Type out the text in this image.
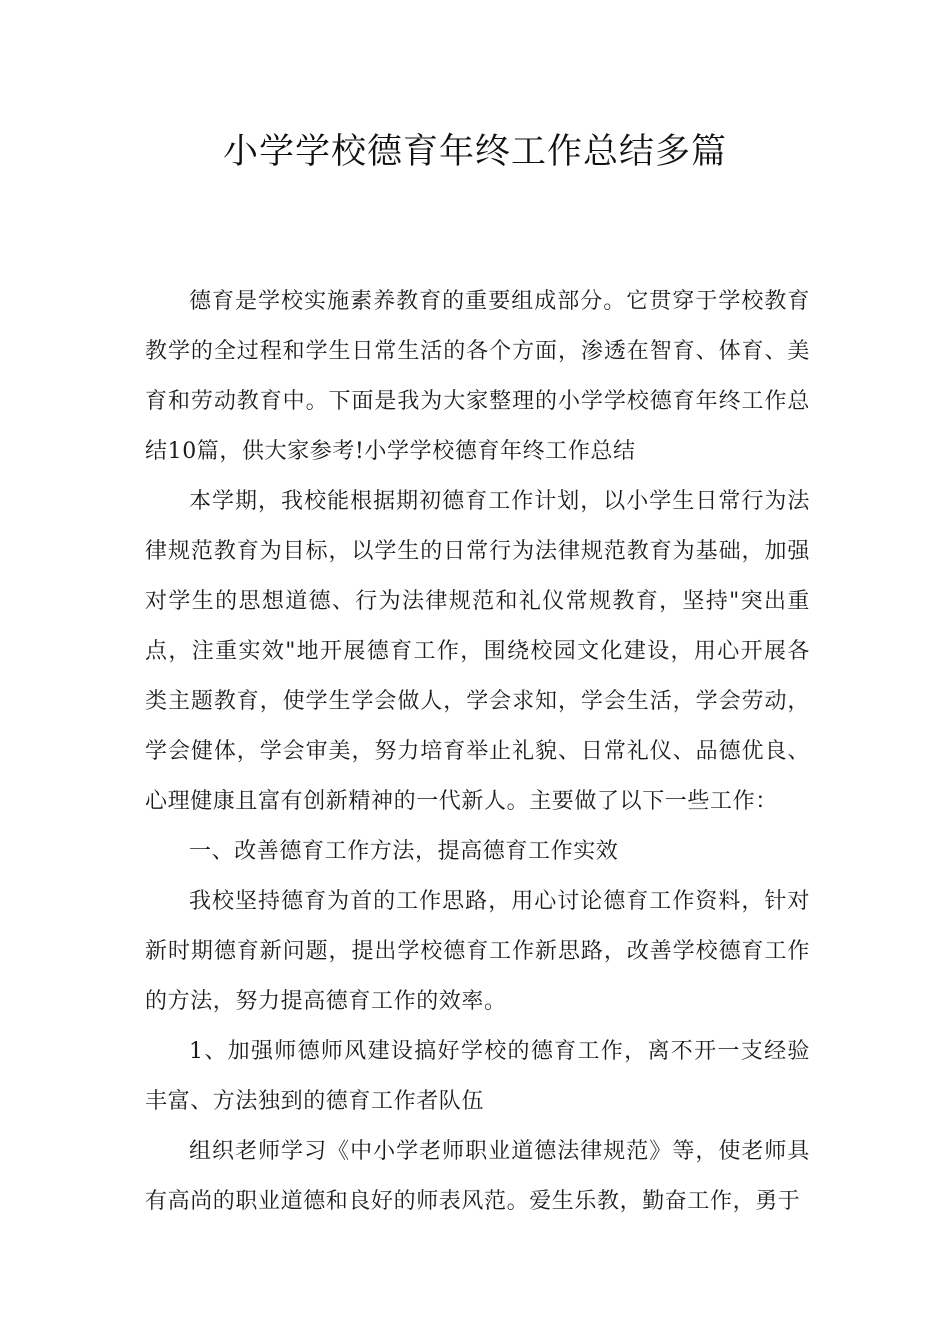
小学学校德育年终工作总结多篇

德育是学校实施素养教育的重要组成部分。它贯穿于学校教育教学的全过程和学生日常生活的各个方面，渗透在智育、体育、美育和劳动教育中。下面是我为大家整理的小学学校德育年终工作总结10篇，供大家参考!小学学校德育年终工作总结

本学期，我校能根据期初德育工作计划，以小学生日常行为法律规范教育为目标，以学生的日常行为法律规范教育为基础，加强对学生的思想道德、行为法律规范和礼仪常规教育，坚持"突出重点，注重实效"地开展德育工作，围绕校园文化建设，用心开展各类主题教育，使学生学会做人，学会求知，学会生活，学会劳动，学会健体，学会审美，努力培育举止礼貌、日常礼仪、品德优良、心理健康且富有创新精神的一代新人。主要做了以下一些工作：

一、改善德育工作方法，提高德育工作实效

我校坚持德育为首的工作思路，用心讨论德育工作资料，针对新时期德育新问题，提出学校德育工作新思路，改善学校德育工作的方法，努力提高德育工作的效率。

1、加强师德师风建设搞好学校的德育工作，离不开一支经验丰富、方法独到的德育工作者队伍

组织老师学习《中小学老师职业道德法律规范》等，使老师具有高尚的职业道德和良好的师表风范。爱生乐教，勤奋工作，勇于
